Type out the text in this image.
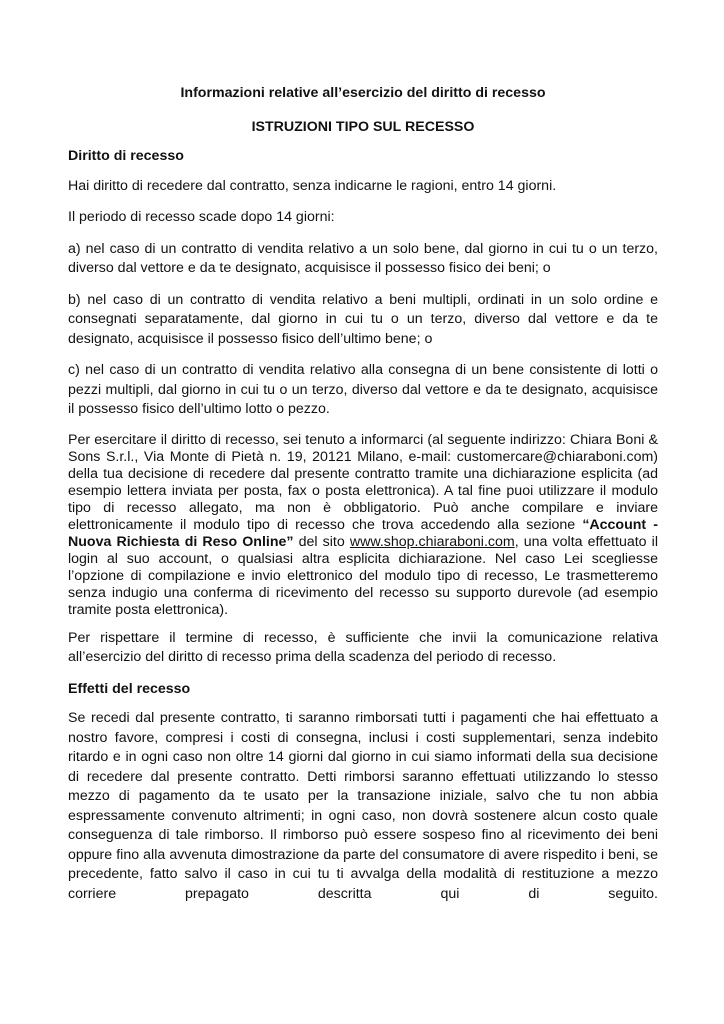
Informazioni relative all’esercizio del diritto di recesso
ISTRUZIONI TIPO SUL RECESSO
Diritto di recesso
Hai diritto di recedere dal contratto, senza indicarne le ragioni, entro 14 giorni.
Il periodo di recesso scade dopo 14 giorni:
a) nel caso di un contratto di vendita relativo a un solo bene, dal giorno in cui tu o un terzo, diverso dal vettore e da te designato, acquisisce il possesso fisico dei beni; o
b) nel caso di un contratto di vendita relativo a beni multipli, ordinati in un solo ordine e consegnati separatamente, dal giorno in cui tu o un terzo, diverso dal vettore e da te designato, acquisisce il possesso fisico dell’ultimo bene; o
c) nel caso di un contratto di vendita relativo alla consegna di un bene consistente di lotti o pezzi multipli, dal giorno in cui tu o un terzo, diverso dal vettore e da te designato, acquisisce il possesso fisico dell’ultimo lotto o pezzo.
Per esercitare il diritto di recesso, sei tenuto a informarci (al seguente indirizzo: Chiara Boni & Sons S.r.l., Via Monte di Pietà n. 19, 20121 Milano, e-mail: customercare@chiaraboni.com) della tua decisione di recedere dal presente contratto tramite una dichiarazione esplicita (ad esempio lettera inviata per posta, fax o posta elettronica). A tal fine puoi utilizzare il modulo tipo di recesso allegato, ma non è obbligatorio. Può anche compilare e inviare elettronicamente il modulo tipo di recesso che trova accedendo alla sezione “Account - Nuova Richiesta di Reso Online” del sito www.shop.chiaraboni.com, una volta effettuato il login al suo account, o qualsiasi altra esplicita dichiarazione. Nel caso Lei scegliesse l’opzione di compilazione e invio elettronico del modulo tipo di recesso, Le trasmetteremo senza indugio una conferma di ricevimento del recesso su supporto durevole (ad esempio tramite posta elettronica).
Per rispettare il termine di recesso, è sufficiente che invii la comunicazione relativa all’esercizio del diritto di recesso prima della scadenza del periodo di recesso.
Effetti del recesso
Se recedi dal presente contratto, ti saranno rimborsati tutti i pagamenti che hai effettuato a nostro favore, compresi i costi di consegna, inclusi i costi supplementari, senza indebito ritardo e in ogni caso non oltre 14 giorni dal giorno in cui siamo informati della sua decisione di recedere dal presente contratto. Detti rimborsi saranno effettuati utilizzando lo stesso mezzo di pagamento da te usato per la transazione iniziale, salvo che tu non abbia espressamente convenuto altrimenti; in ogni caso, non dovrà sostenere alcun costo quale conseguenza di tale rimborso. Il rimborso può essere sospeso fino al ricevimento dei beni oppure fino alla avvenuta dimostrazione da parte del consumatore di avere rispedito i beni, se precedente, fatto salvo il caso in cui tu ti avvalga della modalità di restituzione a mezzo corriere prepagato descritta qui di seguito.
